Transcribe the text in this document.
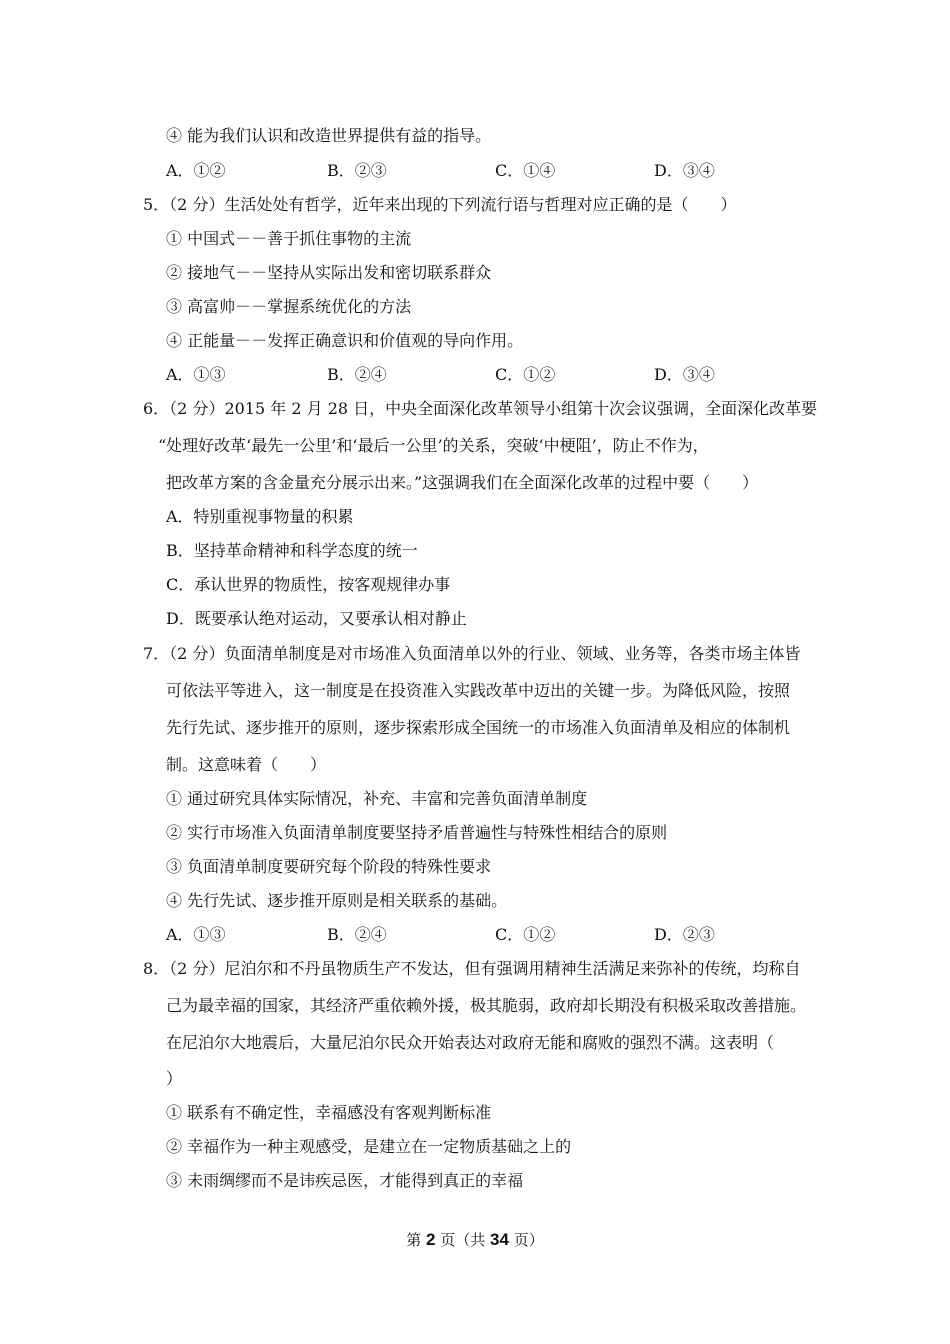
④ 能为我们认识和改造世界提供有益的指导。
A．①②	B．②③	C．①④	D．③④
5．（2 分）生活处处有哲学，近年来出现的下列流行语与哲理对应正确的是（　　）
① 中国式－－善于抓住事物的主流
② 接地气－－坚持从实际出发和密切联系群众
③ 高富帅－－掌握系统优化的方法
④ 正能量－－发挥正确意识和价值观的导向作用。
A．①③	B．②④	C．①②	D．③④
6．（2 分）2015 年 2 月 28 日，中央全面深化改革领导小组第十次会议强调，全面深化改革要
“处理好改革‘最先一公里’和‘最后一公里’的关系，突破‘中梗阻’，防止不作为，
把改革方案的含金量充分展示出来。”这强调我们在全面深化改革的过程中要（　　）
A．特别重视事物量的积累
B．坚持革命精神和科学态度的统一
C．承认世界的物质性，按客观规律办事
D．既要承认绝对运动，又要承认相对静止
7．（2 分）负面清单制度是对市场准入负面清单以外的行业、领域、业务等，各类市场主体皆
可依法平等进入，这一制度是在投资准入实践改革中迈出的关键一步。为降低风险，按照
先行先试、逐步推开的原则，逐步探索形成全国统一的市场准入负面清单及相应的体制机
制。这意味着（　　）
① 通过研究具体实际情况，补充、丰富和完善负面清单制度
② 实行市场准入负面清单制度要坚持矛盾普遍性与特殊性相结合的原则
③ 负面清单制度要研究每个阶段的特殊性要求
④ 先行先试、逐步推开原则是相关联系的基础。
A．①③	B．②④	C．①②	D．②③
8．（2 分）尼泊尔和不丹虽物质生产不发达，但有强调用精神生活满足来弥补的传统，均称自
己为最幸福的国家，其经济严重依赖外援，极其脆弱，政府却长期没有积极采取改善措施。
在尼泊尔大地震后，大量尼泊尔民众开始表达对政府无能和腐败的强烈不满。这表明（
）
① 联系有不确定性，幸福感没有客观判断标准
② 幸福作为一种主观感受，是建立在一定物质基础之上的
③ 未雨绸缪而不是讳疾忌医，才能得到真正的幸福
第 2 页（共 34 页）
